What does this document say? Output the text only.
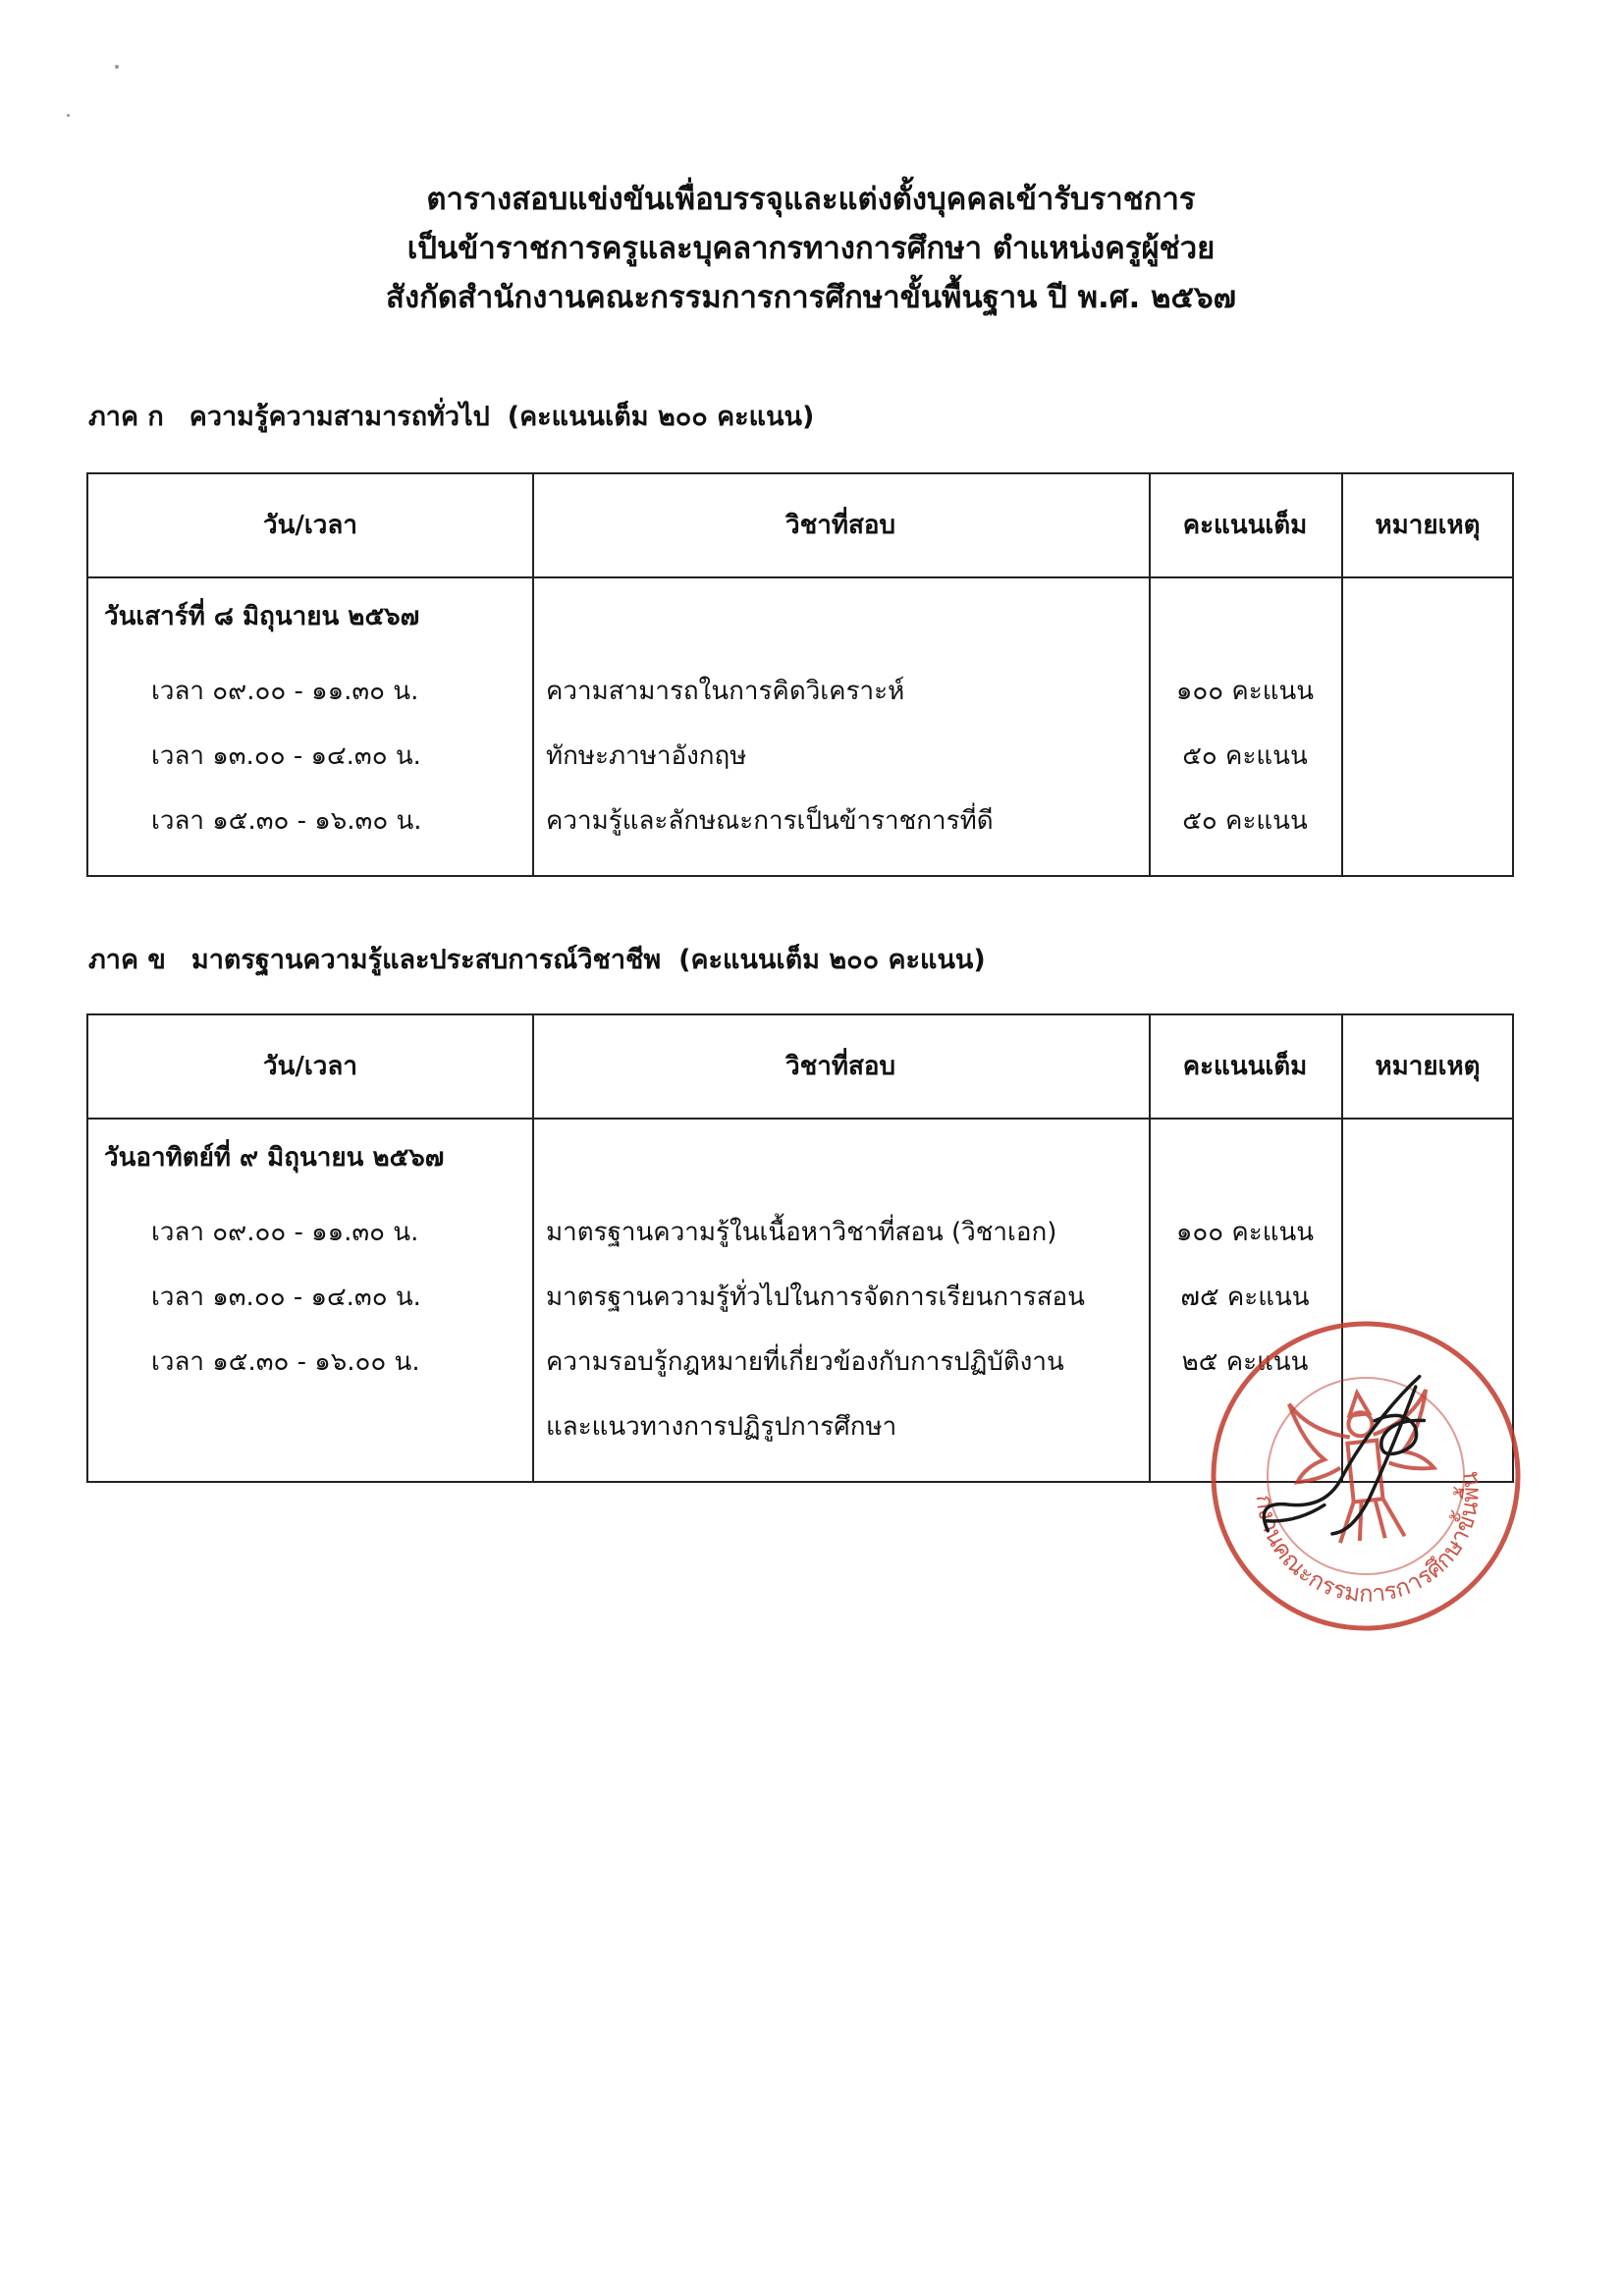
ตารางสอบแข่งขันเพื่อบรรจุและแต่งตั้งบุคคลเข้ารับราชการ
เป็นข้าราชการครูและบุคลากรทางการศึกษา ตำแหน่งครูผู้ช่วย
สังกัดสำนักงานคณะกรรมการการศึกษาขั้นพื้นฐาน ปี พ.ศ. ๒๕๖๗
ภาค ก ความรู้ความสามารถทั่วไป (คะแนนเต็ม ๒๐๐ คะแนน)
วัน/เวลา	วิชาที่สอบ	คะแนนเต็ม	หมายเหตุ
วันเสาร์ที่ ๘ มิถุนายน ๒๕๖๗
เวลา ๐๙.๐๐ - ๑๑.๓๐ น.	ความสามารถในการคิดวิเคราะห์	๑๐๐ คะแนน
เวลา ๑๓.๐๐ - ๑๔.๓๐ น.	ทักษะภาษาอังกฤษ	๕๐ คะแนน
เวลา ๑๕.๓๐ - ๑๖.๓๐ น.	ความรู้และลักษณะการเป็นข้าราชการที่ดี	๕๐ คะแนน
ภาค ข มาตรฐานความรู้และประสบการณ์วิชาชีพ (คะแนนเต็ม ๒๐๐ คะแนน)
วัน/เวลา	วิชาที่สอบ	คะแนนเต็ม	หมายเหตุ
วันอาทิตย์ที่ ๙ มิถุนายน ๒๕๖๗
เวลา ๐๙.๐๐ - ๑๑.๓๐ น.	มาตรฐานความรู้ในเนื้อหาวิชาที่สอน (วิชาเอก)	๑๐๐ คะแนน
เวลา ๑๓.๐๐ - ๑๔.๓๐ น.	มาตรฐานความรู้ทั่วไปในการจัดการเรียนการสอน	๗๕ คะแนน
เวลา ๑๕.๓๐ - ๑๖.๐๐ น.	ความรอบรู้กฎหมายที่เกี่ยวข้องกับการปฏิบัติงาน	๒๕ คะแนน
และแนวทางการปฏิรูปการศึกษา
สำนักงานคณะกรรมการการศึกษาขั้นพื้นฐาน
